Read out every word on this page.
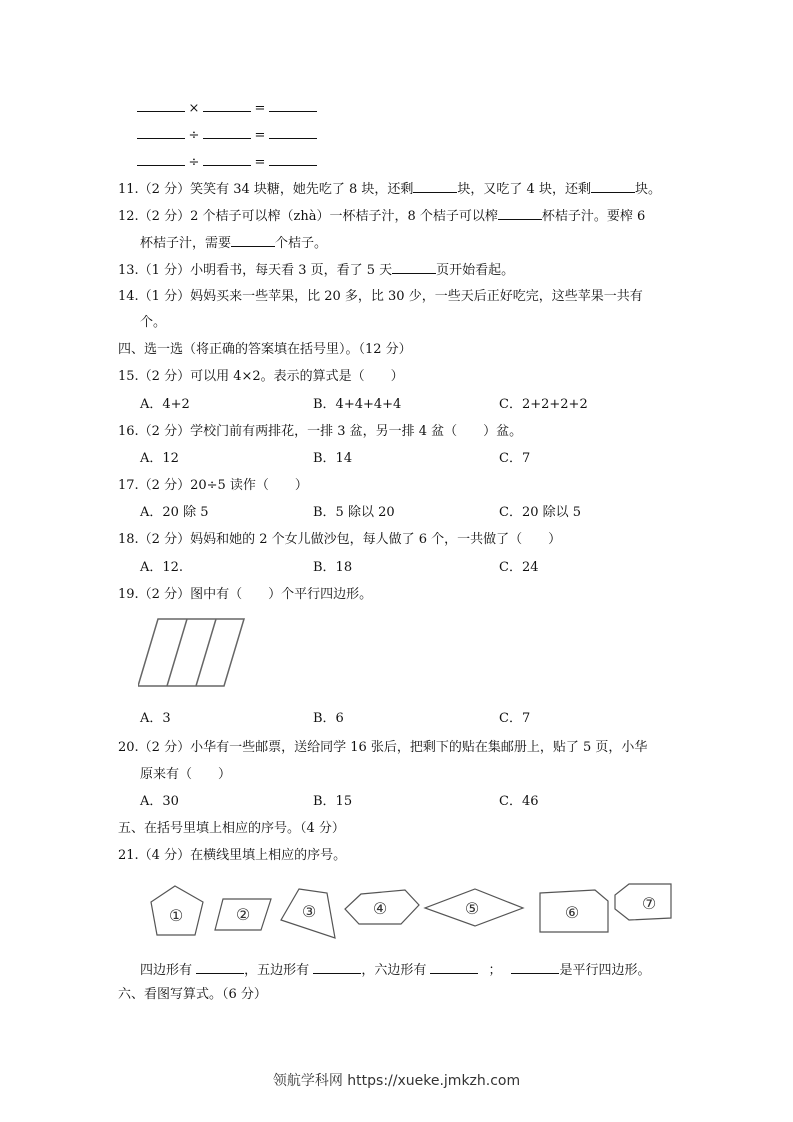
×	=
÷	=
÷	=
11.（2 分）笑笑有 34 块糖，她先吃了 8 块，还剩	块，又吃了 4 块，还剩	块。
12.（2 分）2 个桔子可以榨（zhà）一杯桔子汁，8 个桔子可以榨	杯桔子汁。要榨 6
杯桔子汁，需要	个桔子。
13.（1 分）小明看书，每天看 3 页，看了 5 天	页开始看起。
14.（1 分）妈妈买来一些苹果，比 20 多，比 30 少，一些天后正好吃完，这些苹果一共有
个。
四、选一选（将正确的答案填在括号里）。（12 分）
15.（2 分）可以用 4×2。表示的算式是（　　）
A．4+2	B．4+4+4+4	C．2+2+2+2
16.（2 分）学校门前有两排花，一排 3 盆，另一排 4 盆（　　）盆。
A．12	B．14	C．7
17.（2 分）20÷5 读作（　　）
A．20 除 5	B．5 除以 20	C．20 除以 5
18.（2 分）妈妈和她的 2 个女儿做沙包，每人做了 6 个，一共做了（　　）
A．12.	B．18	C．24
19.（2 分）图中有（　　）个平行四边形。
A．3	B．6	C．7
20.（2 分）小华有一些邮票，送给同学 16 张后，把剩下的贴在集邮册上，贴了 5 页，小华
原来有（　　）
A．30	B．15	C．46
五、在括号里填上相应的序号。（4 分）
21.（4 分）在横线里填上相应的序号。
①	②	③	④	⑤	⑥	⑦
四边形有	，五边形有	，六边形有	；	是平行四边形。
六、看图写算式。（6 分）
领航学科网 https://xueke.jmkzh.com
